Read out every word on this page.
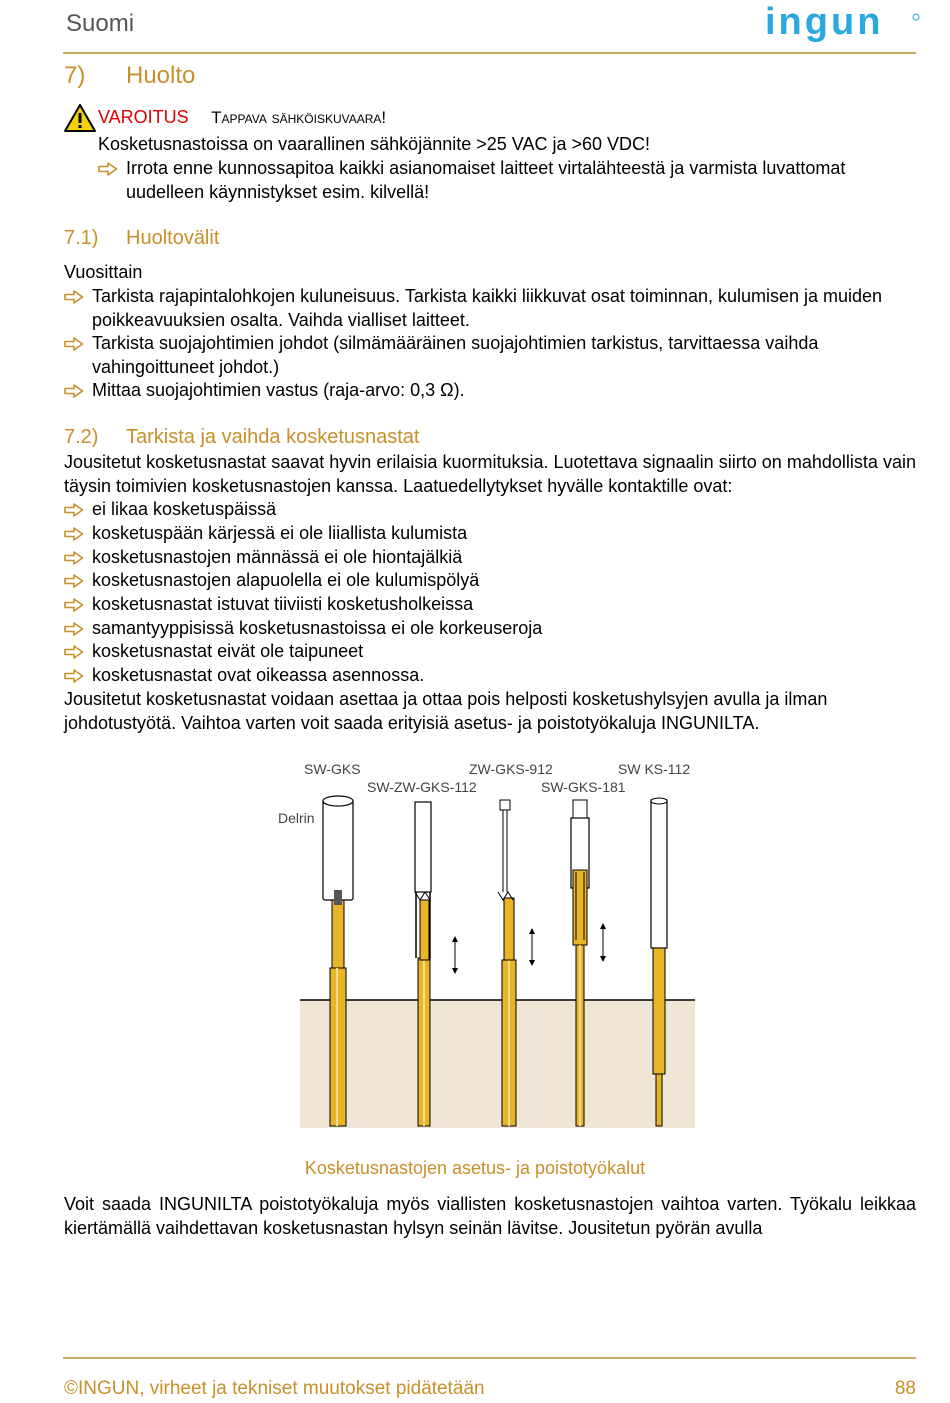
Suomi	ingun
7) Huolto
VAROITUS Tappava sähköiskuvaara!
Kosketusnastoissa on vaarallinen sähköjännite >25 VAC ja >60 VDC!
Irrota enne kunnossapitoa kaikki asianomaiset laitteet virtalähteestä ja varmista luvattomat uudelleen käynnistykset esim. kilvellä!
7.1) Huoltovälit
Vuosittain
Tarkista rajapintalohkojen kuluneisuus. Tarkista kaikki liikkuvat osat toiminnan, kulumisen ja muiden poikkeavuuksien osalta. Vaihda vialliset laitteet.
Tarkista suojajohtimien johdot (silmämääräinen suojajohtimien tarkistus, tarvittaessa vaihda vahingoittuneet johdot.)
Mittaa suojajohtimien vastus (raja-arvo: 0,3 Ω).
7.2) Tarkista ja vaihda kosketusnastat
Jousitetut kosketusnastat saavat hyvin erilaisia kuormituksia. Luotettava signaalin siirto on mahdollista vain täysin toimivien kosketusnastojen kanssa. Laatuedellytykset hyvälle kontaktille ovat:
ei likaa kosketuspäissä
kosketuspään kärjessä ei ole liiallista kulumista
kosketusnastojen männässä ei ole hiontajälkiä
kosketusnastojen alapuolella ei ole kulumispölyä
kosketusnastat istuvat tiiviisti kosketusholkeissa
samantyyppisissä kosketusnastoissa ei ole korkeuseroja
kosketusnastat eivät ole taipuneet
kosketusnastat ovat oikeassa asennossa.
Jousitetut kosketusnastat voidaan asettaa ja ottaa pois helposti kosketushylsyjen avulla ja ilman johdotustyötä. Vaihtoa varten voit saada erityisiä asetus- ja poistotyökaluja INGUNILTA.
SW-GKS	ZW-GKS-912	SW KS-112
SW-ZW-GKS-112	SW-GKS-181
Delrin
Kosketusnastojen asetus- ja poistotyökalut
Voit saada INGUNILTA poistotyökaluja myös viallisten kosketusnastojen vaihtoa varten. Työkalu leikkaa kiertämällä vaihdettavan kosketusnastan hylsyn seinän lävitse. Jousitetun pyörän avulla
©INGUN, virheet ja tekniset muutokset pidätetään	88
